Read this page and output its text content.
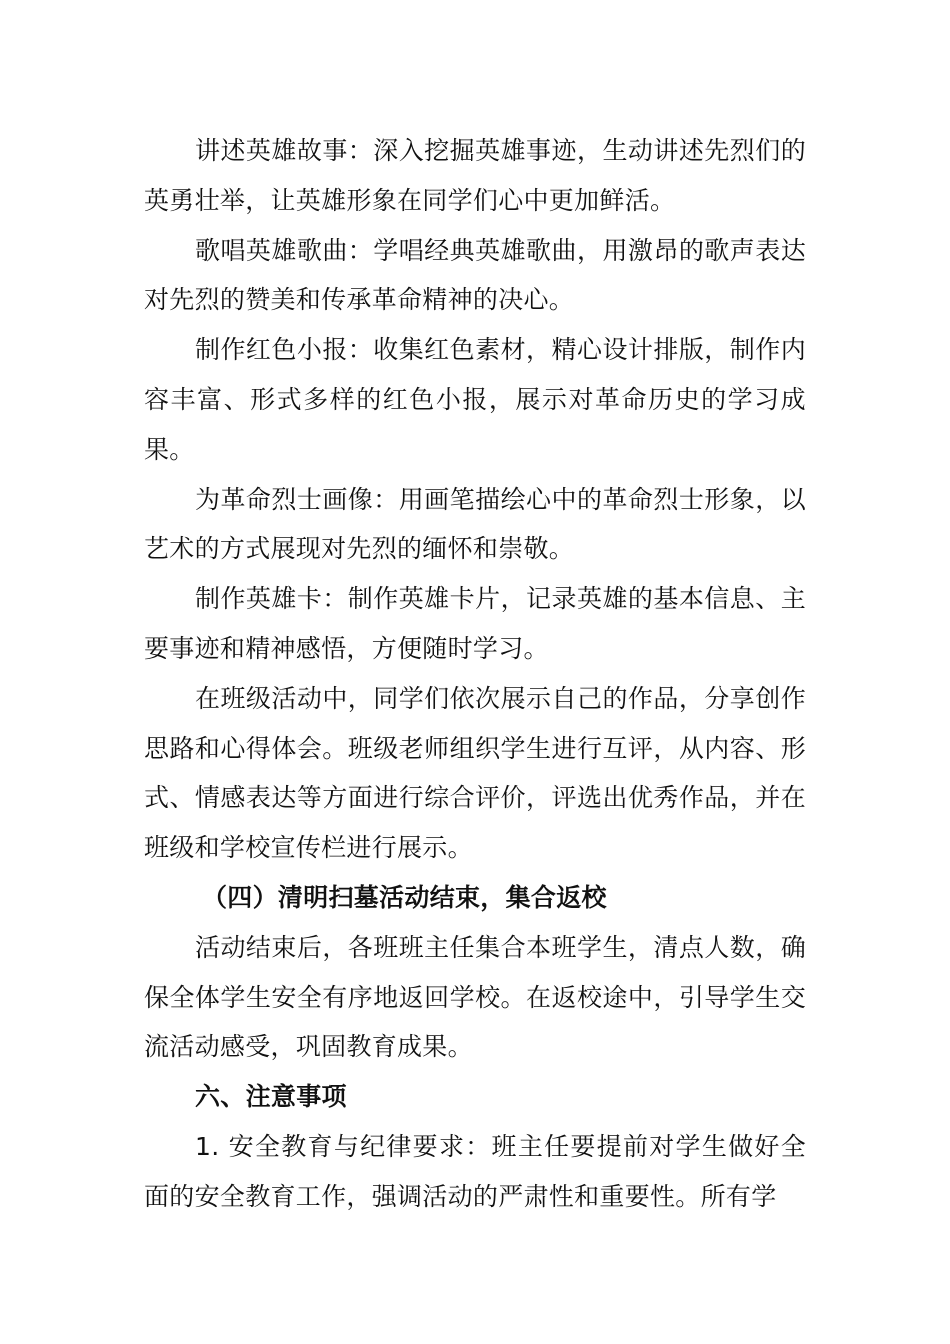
讲述英雄故事：深入挖掘英雄事迹，生动讲述先烈们的英勇壮举，让英雄形象在同学们心中更加鲜活。

歌唱英雄歌曲：学唱经典英雄歌曲，用激昂的歌声表达对先烈的赞美和传承革命精神的决心。

制作红色小报：收集红色素材，精心设计排版，制作内容丰富、形式多样的红色小报，展示对革命历史的学习成果。

为革命烈士画像：用画笔描绘心中的革命烈士形象，以艺术的方式展现对先烈的缅怀和崇敬。

制作英雄卡：制作英雄卡片，记录英雄的基本信息、主要事迹和精神感悟，方便随时学习。

在班级活动中，同学们依次展示自己的作品，分享创作思路和心得体会。班级老师组织学生进行互评，从内容、形式、情感表达等方面进行综合评价，评选出优秀作品，并在班级和学校宣传栏进行展示。

（四）清明扫墓活动结束，集合返校

活动结束后，各班班主任集合本班学生，清点人数，确保全体学生安全有序地返回学校。在返校途中，引导学生交流活动感受，巩固教育成果。

六、注意事项

1. 安全教育与纪律要求：班主任要提前对学生做好全面的安全教育工作，强调活动的严肃性和重要性。所有学
